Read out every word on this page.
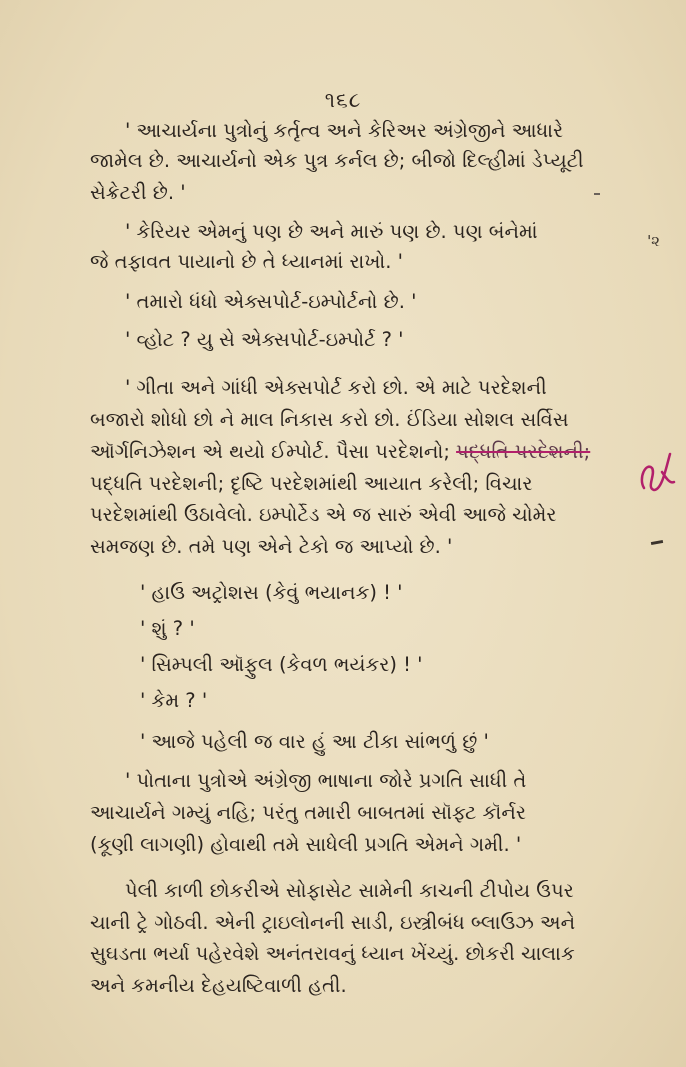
૧૬૮
'૨
' આચાર્યના પુત્રોનું કર્તૃત્વ અને કેરિઅર અંગ્રેજીને આધારે
જામેલ છે. આચાર્યનો એક પુત્ર કર્નલ છે; બીજો દિલ્હીમાં ડેપ્યૂટી
સેક્રેટરી છે. '
' કેરિયર એમનું પણ છે અને મારું પણ છે. પણ બંનેમાં
જે તફાવત પાયાનો છે તે ધ્યાનમાં રાખો. '
' તમારો ધંધો એક્સપોર્ટ-ઇમ્પોર્ટનો છે. '
' વ્હોટ ? યુ સે એક્સપોર્ટ-ઇમ્પોર્ટ ? '
' ગીતા અને ગાંધી એક્સપોર્ટ કરો છો. એ માટે પરદેશની
બજારો શોધો છો ને માલ નિકાસ કરો છો. ઈંડિયા સોશલ સર્વિસ
ઑર્ગનિઝેશન એ થયો ઈમ્પોર્ટ. પૈસા પરદેશનો; પદ્ધતિ પરદેશની;
પદ્ધતિ પરદેશની; દૃષ્ટિ પરદેશમાંથી આયાત કરેલી; વિચાર
પરદેશમાંથી ઉઠાવેલો. ઇમ્પોર્ટેડ એ જ સારું એવી આજે ચોમેર
સમજણ છે. તમે પણ એને ટેકો જ આપ્યો છે. '
' હાઉ અટ્રોશસ (કેવું ભયાનક) ! '
' શું ? '
' સિમ્પલી ઑફુલ (કેવળ ભયંકર) ! '
' કેમ ? '
' આજે પહેલી જ વાર હું આ ટીકા સાંભળું છું '
' પોતાના પુત્રોએ અંગ્રેજી ભાષાના જોરે પ્રગતિ સાધી તે
આચાર્યને ગમ્યું નહિ; પરંતુ તમારી બાબતમાં સૉફ્ટ કૉર્નર
(કૂણી લાગણી) હોવાથી તમે સાધેલી પ્રગતિ એમને ગમી. '
પેલી કાળી છોકરીએ સોફાસેટ સામેની કાચની ટીપોય ઉપર
ચાની ટ્રે ગોઠવી. એની ટ્રાઇલોનની સાડી, ઇસ્ત્રીબંધ બ્લાઉઝ અને
સુઘડતા ભર્યા પહેરવેશે અનંતરાવનું ધ્યાન ખેંચ્યું. છોકરી ચાલાક
અને કમનીય દેહયષ્ટિવાળી હતી.
